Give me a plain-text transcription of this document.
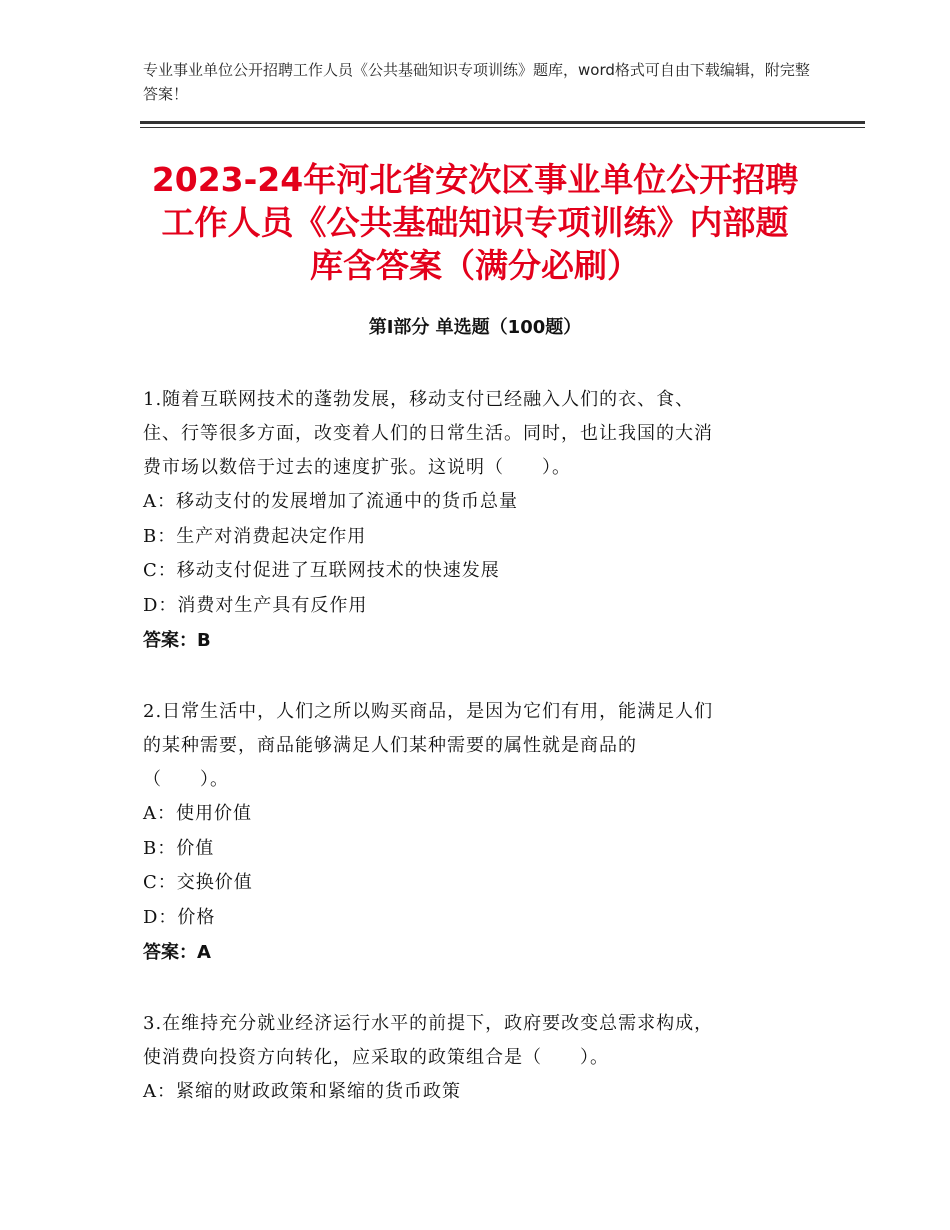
专业事业单位公开招聘工作人员《公共基础知识专项训练》题库，word格式可自由下载编辑，附完整答案！
2023-24年河北省安次区事业单位公开招聘
工作人员《公共基础知识专项训练》内部题
库含答案（满分必刷）
第Ⅰ部分 单选题（100题）

1.随着互联网技术的蓬勃发展，移动支付已经融入人们的衣、食、

住、行等很多方面，改变着人们的日常生活。同时，也让我国的大消

费市场以数倍于过去的速度扩张。这说明（　　）。

A：移动支付的发展增加了流通中的货币总量

B：生产对消费起决定作用

C：移动支付促进了互联网技术的快速发展

D：消费对生产具有反作用

答案：B

2.日常生活中，人们之所以购买商品，是因为它们有用，能满足人们

的某种需要，商品能够满足人们某种需要的属性就是商品的

（　　）。

A：使用价值

B：价值

C：交换价值

D：价格

答案：A

3.在维持充分就业经济运行水平的前提下，政府要改变总需求构成，

使消费向投资方向转化，应采取的政策组合是（　　）。

A：紧缩的财政政策和紧缩的货币政策
